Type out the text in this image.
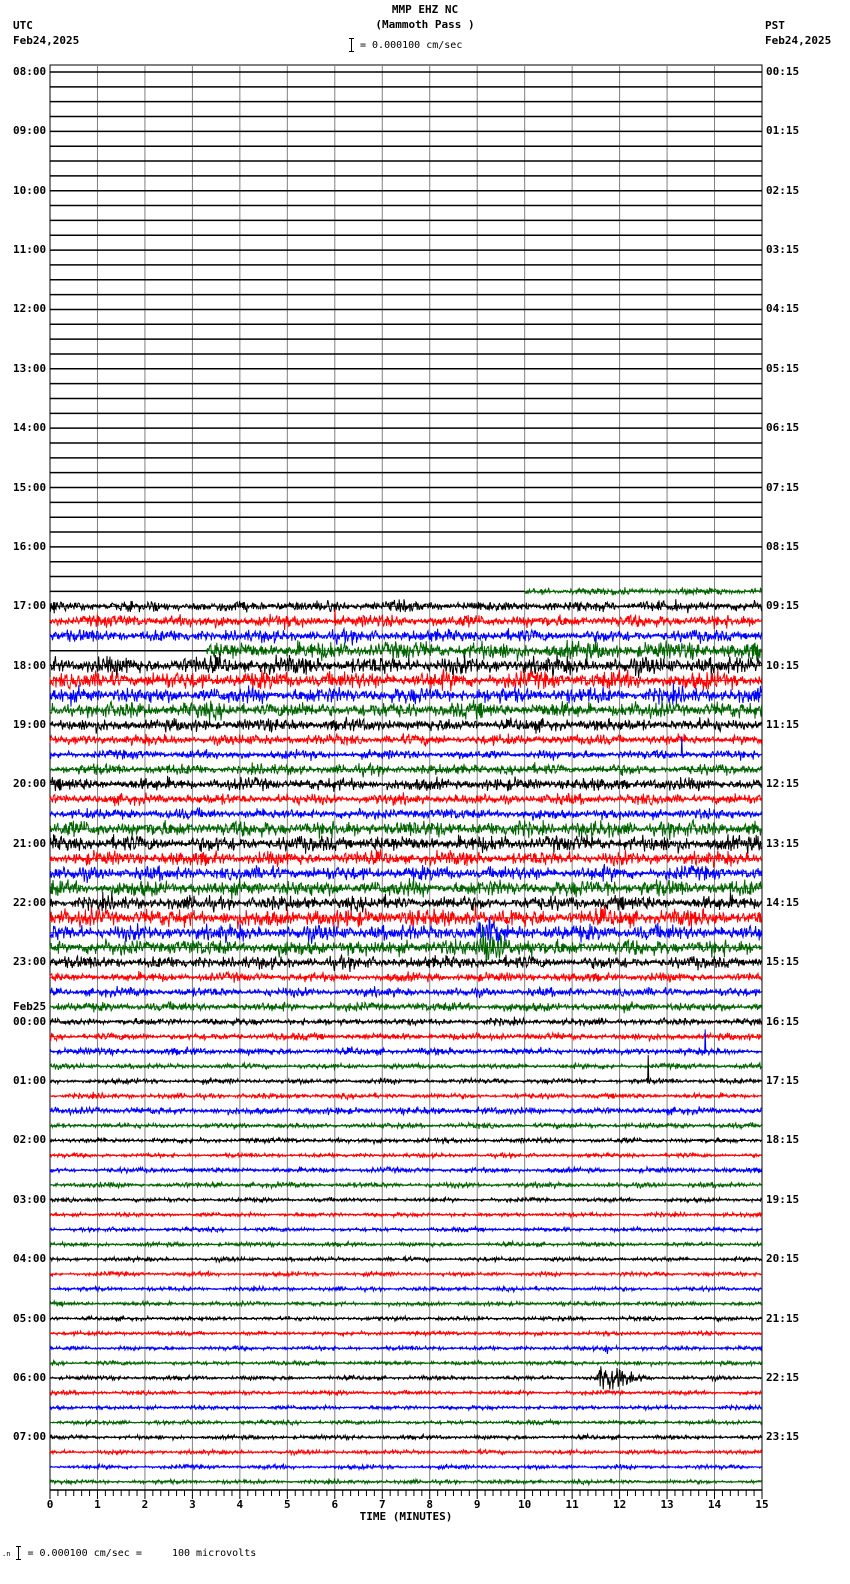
MMP EHZ NC
(Mammoth Pass )
UTC
Feb24,2025
PST
Feb24,2025
= 0.000100 cm/sec
08:00
09:00
10:00
11:00
12:00
13:00
14:00
15:00
16:00
17:00
18:00
19:00
20:00
21:00
22:00
23:00
Feb25
00:00
01:00
02:00
03:00
04:00
05:00
06:00
07:00
00:15
01:15
02:15
03:15
04:15
05:15
06:15
07:15
08:15
09:15
10:15
11:15
12:15
13:15
14:15
15:15
16:15
17:15
18:15
19:15
20:15
21:15
22:15
23:15
0	1	2	3	4	5	6	7	8	9	10	11	12	13	14	15
TIME (MINUTES)
.n = 0.000100 cm/sec =     100 microvolts
